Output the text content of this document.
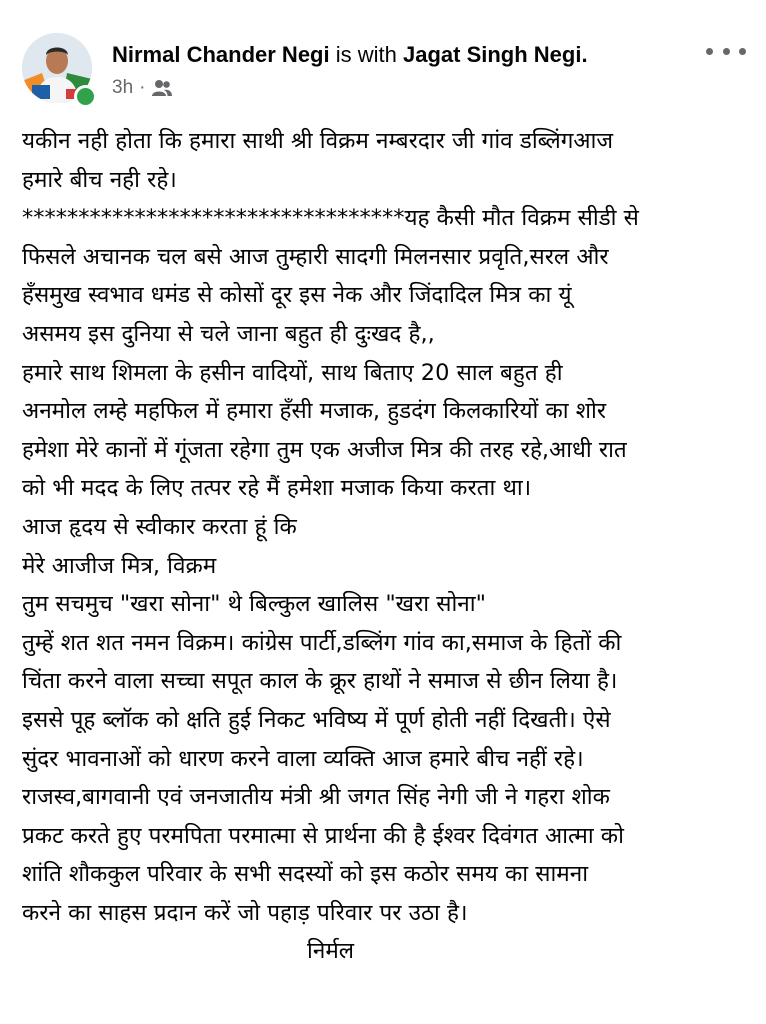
Nirmal Chander Negi is with Jagat Singh Negi.
3h ·
यकीन नही होता कि हमारा साथी श्री विक्रम नम्बरदार जी गांव डब्लिंगआज
हमारे बीच नही रहे।
**********************************यह कैसी मौत विक्रम सीडी से
फिसले अचानक चल बसे आज तुम्हारी सादगी मिलनसार प्रवृति,सरल और
हँसमुख स्वभाव धमंड से कोसों दूर इस नेक और जिंदादिल मित्र का यूं
असमय इस दुनिया से चले जाना बहुत ही दुःखद है,,
हमारे साथ शिमला के हसीन वादियों, साथ बिताए 20 साल बहुत ही
अनमोल लम्हे महफिल में हमारा हँसी मजाक, हुडदंग किलकारियों का शोर
हमेशा मेरे कानों में गूंजता रहेगा तुम एक अजीज मित्र की तरह रहे,आधी रात
को भी मदद के लिए तत्पर रहे मैं हमेशा मजाक किया करता था।
आज हृदय से स्वीकार करता हूं कि
मेरे आजीज मित्र, विक्रम
तुम सचमुच "खरा सोना" थे बिल्कुल खालिस "खरा सोना"
तुम्हें शत शत नमन विक्रम। कांग्रेस पार्टी,डब्लिंग गांव का,समाज के हितों की
चिंता करने वाला सच्चा सपूत काल के क्रूर हाथों ने समाज से छीन लिया है।
इससे पूह ब्लॉक को क्षति हुई निकट भविष्य में पूर्ण होती नहीं दिखती। ऐसे
सुंदर भावनाओं को धारण करने वाला व्यक्ति आज हमारे बीच नहीं रहे।
राजस्व,बागवानी एवं जनजातीय मंत्री श्री जगत सिंह नेगी जी ने गहरा शोक
प्रकट करते हुए परमपिता परमात्मा से प्रार्थना की है ईश्वर दिवंगत आत्मा को
शांति शौककुल परिवार के सभी सदस्यों को इस कठोर समय का सामना
करने का साहस प्रदान करें जो पहाड़ परिवार पर उठा है।
निर्मल
